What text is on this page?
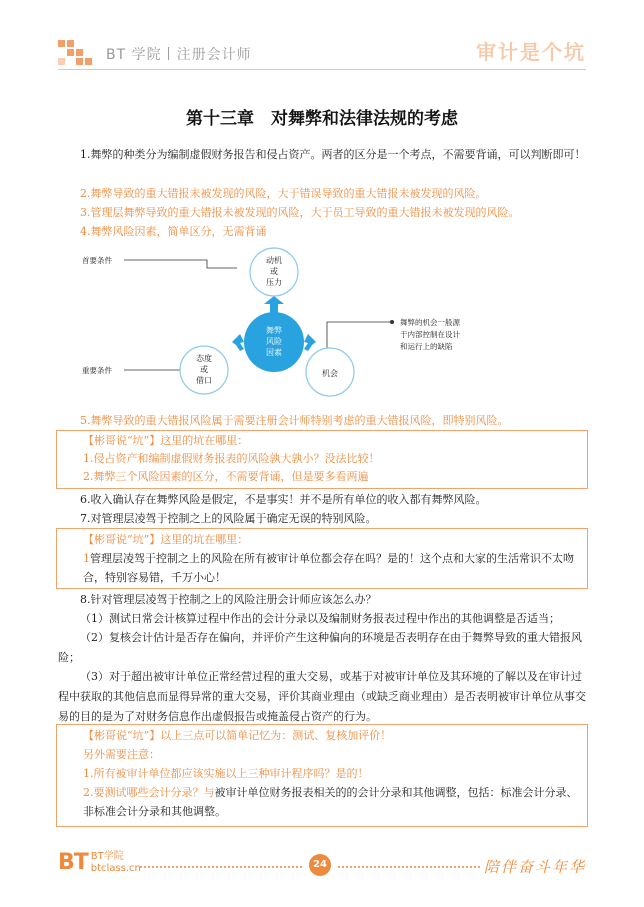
BT 学院丨注册会计师	审计是个坑
第十三章　对舞弊和法律法规的考虑
1.舞弊的种类分为编制虚假财务报告和侵占资产。两者的区分是一个考点，不需要背诵，可以判断即可！
2.舞弊导致的重大错报未被发现的风险，大于错误导致的重大错报未被发现的风险。
3.管理层舞弊导致的重大错报未被发现的风险，大于员工导致的重大错报未被发现的风险。
4.舞弊风险因素，简单区分，无需背诵
舞弊
风险
因素
动机
或
压力
态度
或
借口
机会
首要条件
重要条件
舞弊的机会一般源
于内部控制在设计
和运行上的缺陷
5.舞弊导致的重大错报风险属于需要注册会计师特别考虑的重大错报风险，即特别风险。
【彬哥说“坑”】这里的坑在哪里：
1.侵占资产和编制虚假财务报表的风险孰大孰小？没法比较！
2.舞弊三个风险因素的区分，不需要背诵，但是要多看两遍
6.收入确认存在舞弊风险是假定，不是事实！并不是所有单位的收入都有舞弊风险。
7.对管理层凌驾于控制之上的风险属于确定无误的特别风险。
【彬哥说“坑”】这里的坑在哪里：
1管理层凌驾于控制之上的风险在所有被审计单位都会存在吗？是的！这个点和大家的生活常识不太吻合，特别容易错，千万小心！
8.针对管理层凌驾于控制之上的风险注册会计师应该怎么办？
（1）测试日常会计核算过程中作出的会计分录以及编制财务报表过程中作出的其他调整是否适当；
（2）复核会计估计是否存在偏向，并评价产生这种偏向的环境是否表明存在由于舞弊导致的重大错报风险；
（3）对于超出被审计单位正常经营过程的重大交易，或基于对被审计单位及其环境的了解以及在审计过程中获取的其他信息而显得异常的重大交易，评价其商业理由（或缺乏商业理由）是否表明被审计单位从事交易的目的是为了对财务信息作出虚假报告或掩盖侵占资产的行为。
【彬哥说“坑”】以上三点可以简单记忆为：测试、复核加评价！
另外需要注意：
1.所有被审计单位都应该实施以上三种审计程序吗？是的！
2.要测试哪些会计分录？与被审计单位财务报表相关的的会计分录和其他调整，包括：标准会计分录、非标准会计分录和其他调整。
BT BT学院
btclass.cn	24	陪伴奋斗年华
